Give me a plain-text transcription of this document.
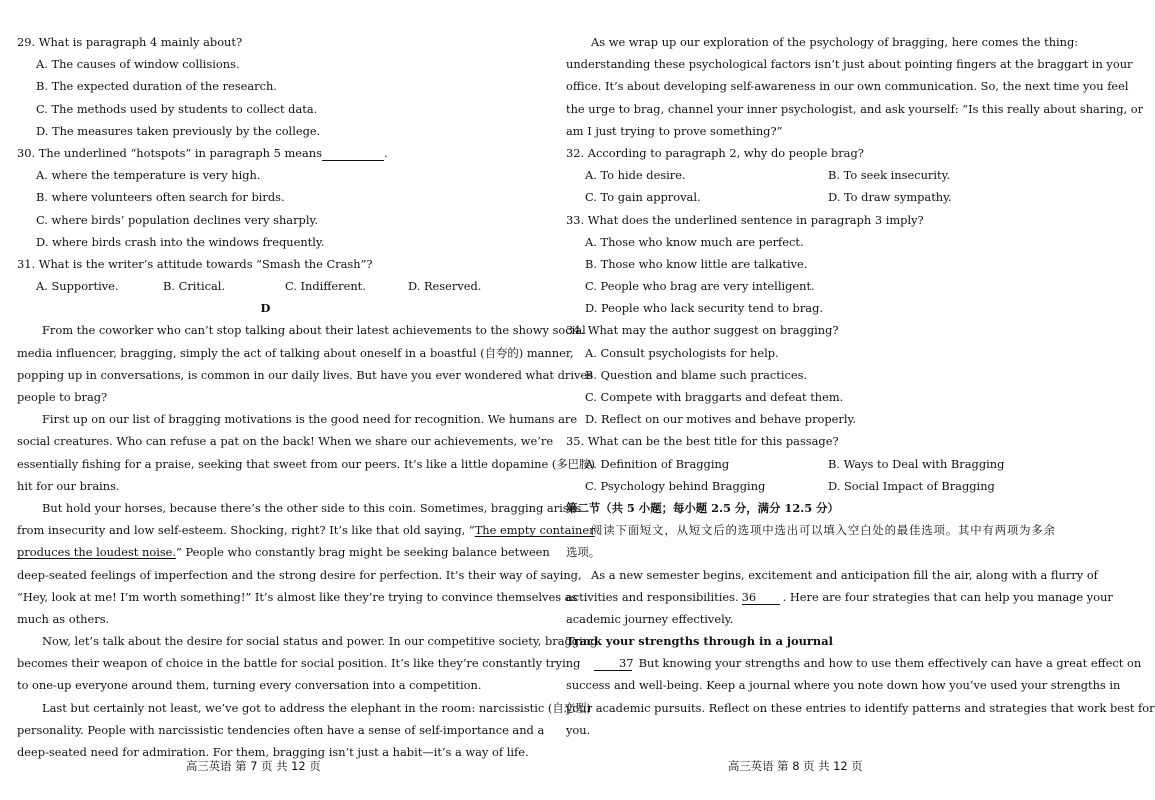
29. What is paragraph 4 mainly about?
A. The causes of window collisions.
B. The expected duration of the research.
C. The methods used by students to collect data.
D. The measures taken previously by the college.
30. The underlined “hotspots” in paragraph 5 means	.
A. where the temperature is very high.
B. where volunteers often search for birds.
C. where birds’ population declines very sharply.
D. where birds crash into the windows frequently.
31. What is the writer’s attitude towards “Smash the Crash”?
A. Supportive.	B. Critical.	C. Indifferent.	D. Reserved.
D
From the coworker who can’t stop talking about their latest achievements to the showy social
media influencer, bragging, simply the act of talking about oneself in a boastful (自夸的) manner,
popping up in conversations, is common in our daily lives. But have you ever wondered what drives
people to brag?
First up on our list of bragging motivations is the good need for recognition. We humans are
social creatures. Who can refuse a pat on the back! When we share our achievements, we’re
essentially fishing for a praise, seeking that sweet from our peers. It’s like a little dopamine (多巴胺)
hit for our brains.
But hold your horses, because there’s the other side to this coin. Sometimes, bragging arises
from insecurity and low self-esteem. Shocking, right? It’s like that old saying, “The empty container
produces the loudest noise.” People who constantly brag might be seeking balance between
deep-seated feelings of imperfection and the strong desire for perfection. It’s their way of saying,
“Hey, look at me! I’m worth something!” It’s almost like they’re trying to convince themselves as
much as others.
Now, let’s talk about the desire for social status and power. In our competitive society, bragging
becomes their weapon of choice in the battle for social position. It’s like they’re constantly trying
to one-up everyone around them, turning every conversation into a competition.
Last but certainly not least, we’ve got to address the elephant in the room: narcissistic (自恋型)
personality. People with narcissistic tendencies often have a sense of self-importance and a
deep-seated need for admiration. For them, bragging isn’t just a habit—it’s a way of life.
高三英语 第 7 页 共 12 页
As we wrap up our exploration of the psychology of bragging, here comes the thing:
understanding these psychological factors isn’t just about pointing fingers at the braggart in your
office. It’s about developing self-awareness in our own communication. So, the next time you feel
the urge to brag, channel your inner psychologist, and ask yourself: “Is this really about sharing, or
am I just trying to prove something?”
32. According to paragraph 2, why do people brag?
A. To hide desire.	B. To seek insecurity.
C. To gain approval.	D. To draw sympathy.
33. What does the underlined sentence in paragraph 3 imply?
A. Those who know much are perfect.
B. Those who know little are talkative.
C. People who brag are very intelligent.
D. People who lack security tend to brag.
34. What may the author suggest on bragging?
A. Consult psychologists for help.
B. Question and blame such practices.
C. Compete with braggarts and defeat them.
D. Reflect on our motives and behave properly.
35. What can be the best title for this passage?
A. Definition of Bragging	B. Ways to Deal with Bragging
C. Psychology behind Bragging	D. Social Impact of Bragging
第二节（共 5 小题；每小题 2.5 分，满分 12.5 分）
阅读下面短文，从短文后的选项中选出可以填入空白处的最佳选项。其中有两项为多余
选项。
As a new semester begins, excitement and anticipation fill the air, along with a flurry of
activities and responsibilities. 36 . Here are four strategies that can help you manage your
academic journey effectively.
Track your strengths through in a journal
37 But knowing your strengths and how to use them effectively can have a great effect on
success and well-being. Keep a journal where you note down how you’ve used your strengths in
your academic pursuits. Reflect on these entries to identify patterns and strategies that work best for
you.
高三英语 第 8 页 共 12 页
